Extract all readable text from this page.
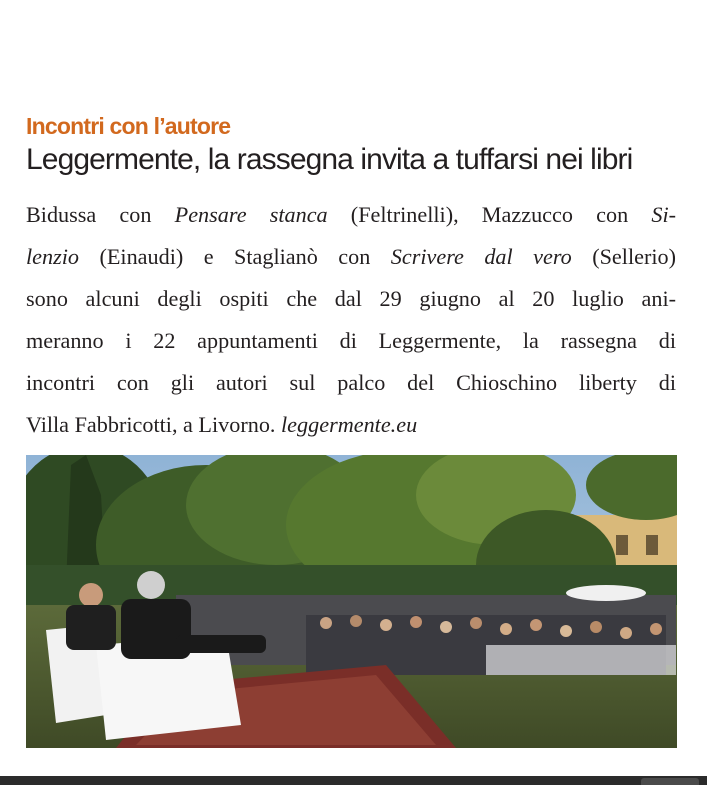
Incontri con l’autore
Leggermente, la rassegna invita a tuffarsi nei libri
Bidussa con Pensare stanca (Feltrinelli), Mazzucco con Si-
lenzio (Einaudi) e Staglianò con Scrivere dal vero (Sellerio)
sono alcuni degli ospiti che dal 29 giugno al 20 luglio ani-
meranno i 22 appuntamenti di Leggermente, la rassegna di
incontri con gli autori sul palco del Chioschino liberty di
Villa Fabbricotti, a Livorno. leggermente.eu
